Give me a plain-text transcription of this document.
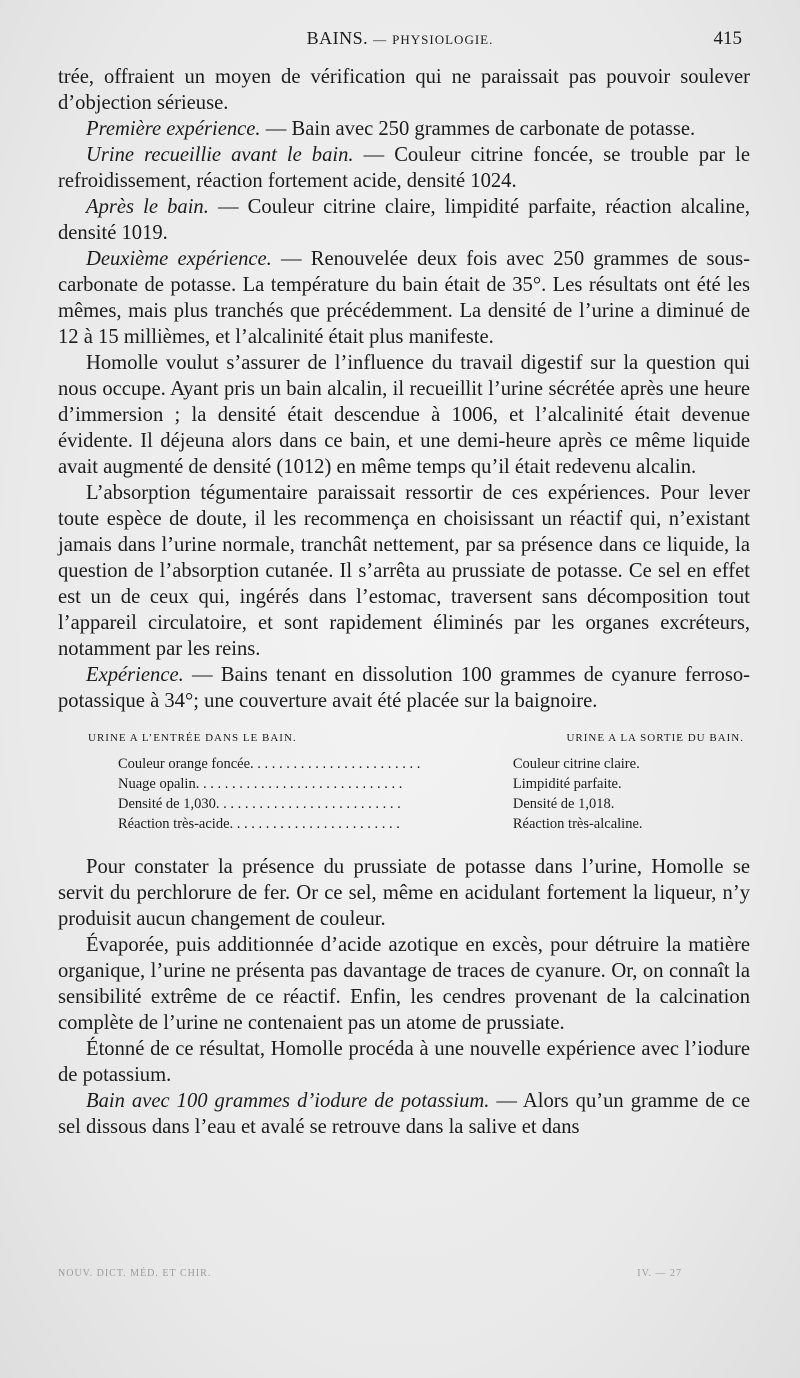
BAINS. — PHYSIOLOGIE.	415

trée, offraient un moyen de vérification qui ne paraissait pas pouvoir soulever d’objection sérieuse.

Première expérience. — Bain avec 250 grammes de carbonate de potasse.

Urine recueillie avant le bain. — Couleur citrine foncée, se trouble par le refroidissement, réaction fortement acide, densité 1024.

Après le bain. — Couleur citrine claire, limpidité parfaite, réaction alcaline, densité 1019.

Deuxième expérience. — Renouvelée deux fois avec 250 grammes de sous-carbonate de potasse. La température du bain était de 35°. Les résultats ont été les mêmes, mais plus tranchés que précédemment. La densité de l’urine a diminué de 12 à 15 millièmes, et l’alcalinité était plus manifeste.

Homolle voulut s’assurer de l’influence du travail digestif sur la question qui nous occupe. Ayant pris un bain alcalin, il recueillit l’urine sécrétée après une heure d’immersion ; la densité était descendue à 1006, et l’alcalinité était devenue évidente. Il déjeuna alors dans ce bain, et une demi-heure après ce même liquide avait augmenté de densité (1012) en même temps qu’il était redevenu alcalin.

L’absorption tégumentaire paraissait ressortir de ces expériences. Pour lever toute espèce de doute, il les recommença en choisissant un réactif qui, n’existant jamais dans l’urine normale, tranchât nettement, par sa présence dans ce liquide, la question de l’absorption cutanée. Il s’arrêta au prussiate de potasse. Ce sel en effet est un de ceux qui, ingérés dans l’estomac, traversent sans décomposition tout l’appareil circulatoire, et sont rapidement éliminés par les organes excréteurs, notamment par les reins.

Expérience. — Bains tenant en dissolution 100 grammes de cyanure ferroso-potassique à 34°; une couverture avait été placée sur la baignoire.

URINE A L’ENTRÉE DANS LE BAIN.	URINE A LA SORTIE DU BAIN.
Couleur orange foncée. . . . . . . . . . . . . . . . . . . . . . . .	Couleur citrine claire.
Nuage opalin. . . . . . . . . . . . . . . . . . . . . . . . . . . . .	Limpidité parfaite.
Densité de 1,030. . . . . . . . . . . . . . . . . . . . . . . . . .	Densité de 1,018.
Réaction très-acide. . . . . . . . . . . . . . . . . . . . . . . .	Réaction très-alcaline.

Pour constater la présence du prussiate de potasse dans l’urine, Homolle se servit du perchlorure de fer. Or ce sel, même en acidulant fortement la liqueur, n’y produisit aucun changement de couleur.

Évaporée, puis additionnée d’acide azotique en excès, pour détruire la matière organique, l’urine ne présenta pas davantage de traces de cyanure. Or, on connaît la sensibilité extrême de ce réactif. Enfin, les cendres provenant de la calcination complète de l’urine ne contenaient pas un atome de prussiate.

Étonné de ce résultat, Homolle procéda à une nouvelle expérience avec l’iodure de potassium.

Bain avec 100 grammes d’iodure de potassium. — Alors qu’un gramme de ce sel dissous dans l’eau et avalé se retrouve dans la salive et dans

NOUV. DICT. MÉD. ET CHIR.	IV. — 27
